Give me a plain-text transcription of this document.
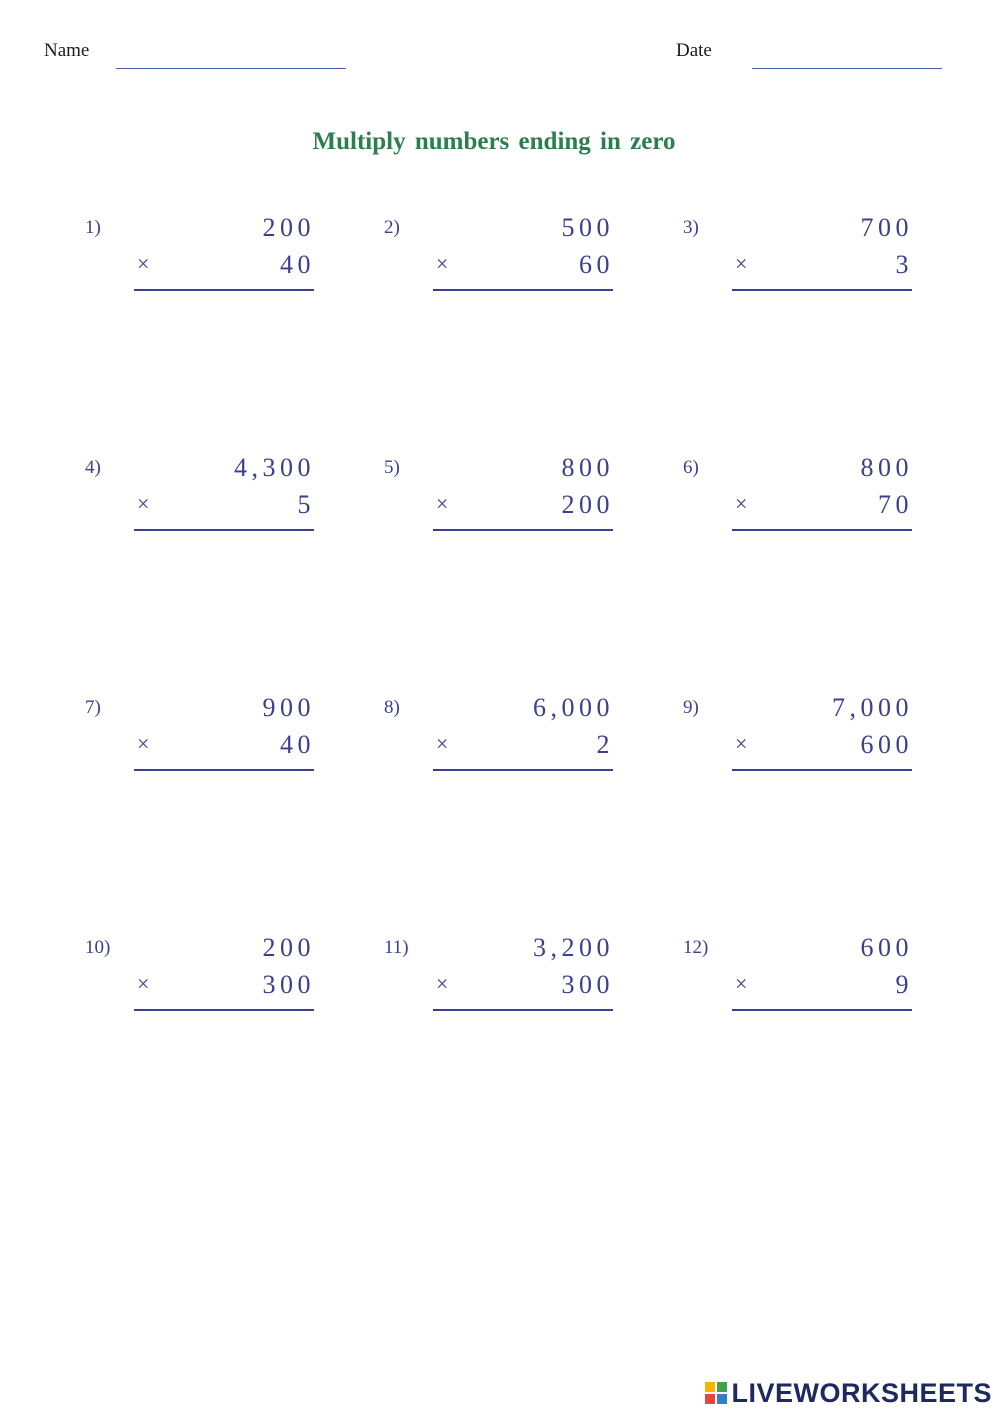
Name	Date
Multiply numbers ending in zero
1)	200
×	40
2)	500
×	60
3)	700
×	3
4)	4,300
×	5
5)	800
×	200
6)	800
×	70
7)	900
×	40
8)	6,000
×	2
9)	7,000
×	600
10)	200
×	300
11)	3,200
×	300
12)	600
×	9
LIVEWORKSHEETS
